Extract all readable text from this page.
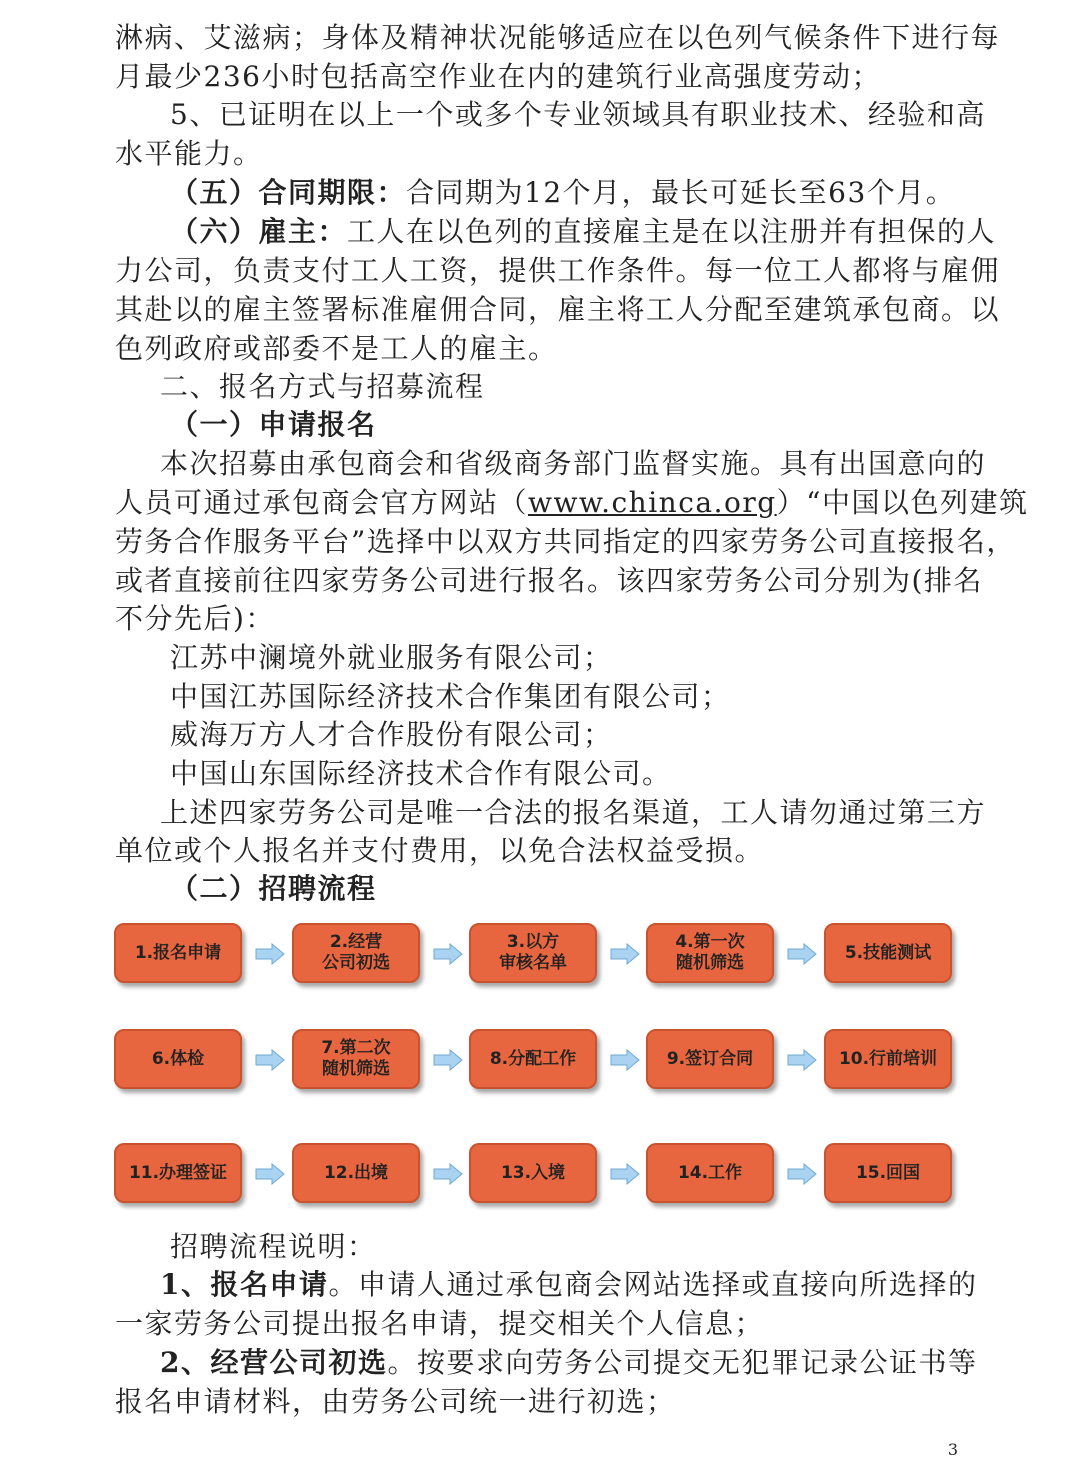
淋病、艾滋病；身体及精神状况能够适应在以色列气候条件下进行每
月最少236小时包括高空作业在内的建筑行业高强度劳动；
5、已证明在以上一个或多个专业领域具有职业技术、经验和高
水平能力。
（五）合同期限：合同期为12个月，最长可延长至63个月。
（六）雇主：工人在以色列的直接雇主是在以注册并有担保的人
力公司，负责支付工人工资，提供工作条件。每一位工人都将与雇佣
其赴以的雇主签署标准雇佣合同，雇主将工人分配至建筑承包商。以
色列政府或部委不是工人的雇主。
二、报名方式与招募流程
（一）申请报名
本次招募由承包商会和省级商务部门监督实施。具有出国意向的
人员可通过承包商会官方网站（www.chinca.org）“中国以色列建筑
劳务合作服务平台”选择中以双方共同指定的四家劳务公司直接报名，
或者直接前往四家劳务公司进行报名。该四家劳务公司分别为(排名
不分先后)：
江苏中澜境外就业服务有限公司；
中国江苏国际经济技术合作集团有限公司；
威海万方人才合作股份有限公司；
中国山东国际经济技术合作有限公司。
上述四家劳务公司是唯一合法的报名渠道，工人请勿通过第三方
单位或个人报名并支付费用，以免合法权益受损。
（二）招聘流程
1.报名申请
2.经营
公司初选
3.以方
审核名单
4.第一次
随机筛选
5.技能测试
6.体检
7.第二次
随机筛选
8.分配工作	9.签订合同	10.行前培训
11.办理签证	12.出境	13.入境	14.工作	15.回国
招聘流程说明：
1、报名申请。申请人通过承包商会网站选择或直接向所选择的
一家劳务公司提出报名申请，提交相关个人信息；
2、经营公司初选。按要求向劳务公司提交无犯罪记录公证书等
报名申请材料，由劳务公司统一进行初选；
3
